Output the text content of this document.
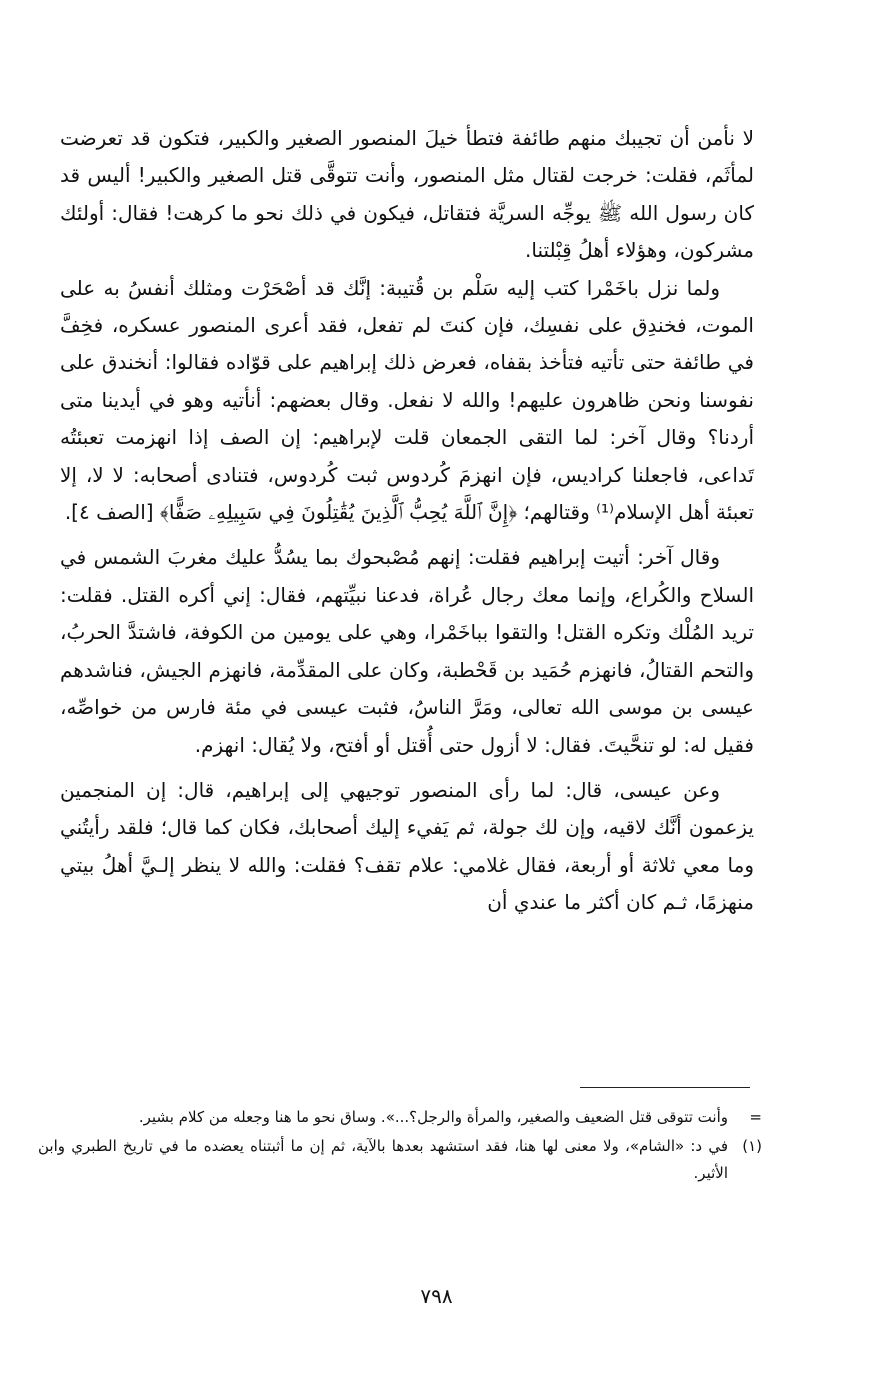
لا نأمن أن تجيبك منهم طائفة فتطأ خيلَ المنصور الصغير والكبير، فتكون قد تعرضت لمأثَم، فقلت: خرجت لقتال مثل المنصور، وأنت تتوقَّى قتل الصغير والكبير! أليس قد كان رسول الله ﷺ يوجِّه السريَّة فتقاتل، فيكون في ذلك نحو ما كرهت! فقال: أولئك مشركون، وهؤلاء أهلُ قِبْلتنا.

ولما نزل باخَمْرا كتب إليه سَلْم بن قُتيبة: إنَّك قد أصْحَرْت ومثلك أنفسُ به على الموت، فخندِق على نفسِك، فإن كنتَ لم تفعل، فقد أعرى المنصور عسكره، فخِفَّ في طائفة حتى تأتيه فتأخذ بقفاه، فعرض ذلك إبراهيم على قوّاده فقالوا: أنخندق على نفوسنا ونحن ظاهرون عليهم! والله لا نفعل. وقال بعضهم: أنأتيه وهو في أيدينا متى أردنا؟ وقال آخر: لما التقى الجمعان قلت لإبراهيم: إن الصف إذا انهزمت تعبئتُه تَداعى، فاجعلنا كراديس، فإن انهزمَ كُردوس ثبت كُردوس، فتنادى أصحابه: لا لا، إلا تعبئة أهل الإسلام⁽¹⁾ وقتالهم؛ ﴿إِنَّ ٱللَّهَ يُحِبُّ ٱلَّذِينَ يُقَٰتِلُونَ فِي سَبِيلِهِۦ صَفًّا﴾ [الصف ٤].

وقال آخر: أتيت إبراهيم فقلت: إنهم مُصْبحوك بما يسُدُّ عليك مغربَ الشمس في السلاح والكُراع، وإنما معك رجال عُراة، فدعنا نبيِّتهم، فقال: إني أكره القتل. فقلت: تريد المُلْك وتكره القتل! والتقوا بباخَمْرا، وهي على يومين من الكوفة، فاشتدَّ الحربُ، والتحم القتالُ، فانهزم حُمَيد بن قَحْطبة، وكان على المقدِّمة، فانهزم الجيش، فناشدهم عيسى بن موسى الله تعالى، ومَرَّ الناسُ، فثبت عيسى في مئة فارس من خواصِّه، فقيل له: لو تنحَّيتَ. فقال: لا أزول حتى أُقتل أو أفتح، ولا يُقال: انهزم.

وعن عيسى، قال: لما رأى المنصور توجيهي إلى إبراهيم، قال: إن المنجمين يزعمون أنَّك لاقيه، وإن لك جولة، ثم يَفيء إليك أصحابك، فكان كما قال؛ فلقد رأيتُني وما معي ثلاثة أو أربعة، فقال غلامي: علام تقف؟ فقلت: والله لا ينظر إلـيَّ أهلُ بيتي منهزمًا، ثـم كان أكثر ما عندي أن

=
وأنت تتوقى قتل الضعيف والصغير، والمرأة والرجل؟...». وساق نحو ما هنا وجعله من كلام بشير.
(١)
في د: «الشام»، ولا معنى لها هنا، فقد استشهد بعدها بالآية، ثم إن ما أثبتناه يعضده ما في تاريخ الطبري وابن الأثير.
٧٩٨
